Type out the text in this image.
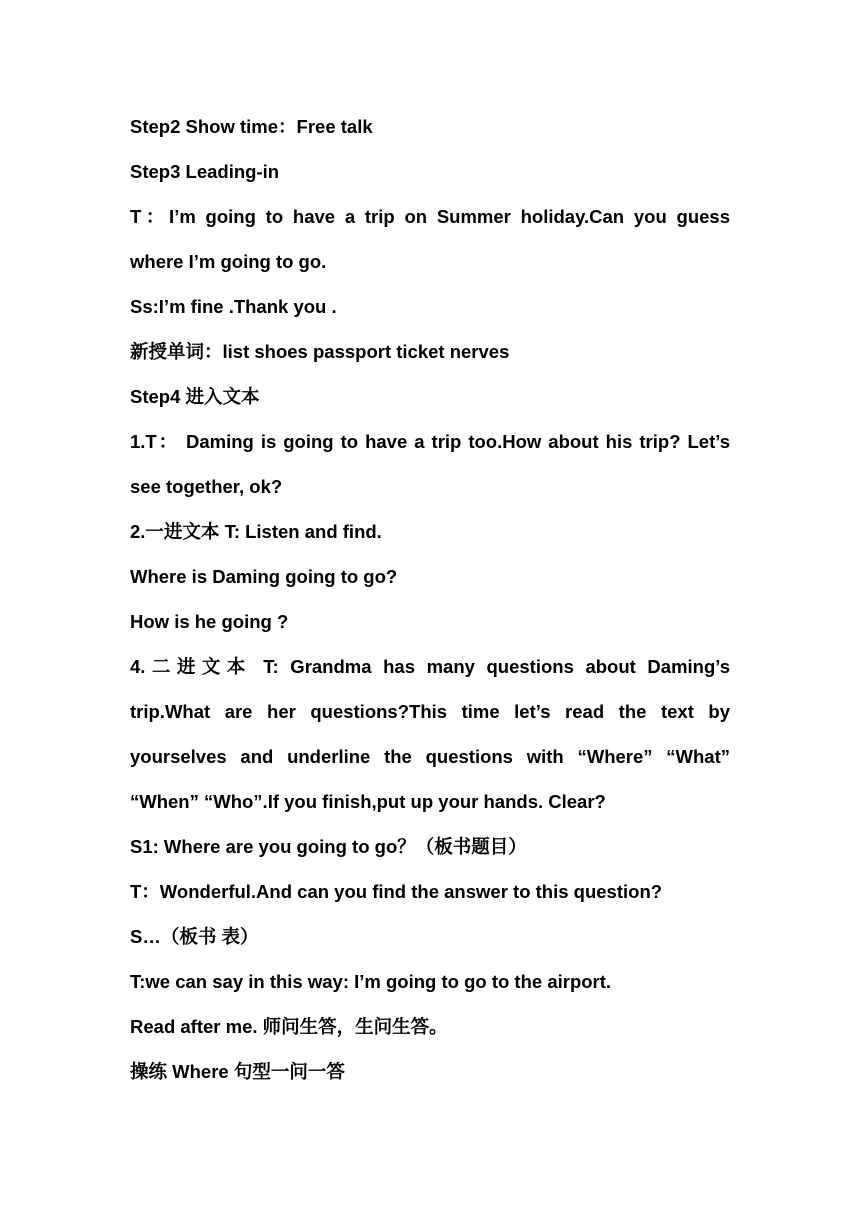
Step2 Show time：Free talk
Step3 Leading-in
T：I’m going to have a trip on Summer holiday.Can you guess
where I’m going to go.
Ss:I’m fine .Thank you .
新授单词：list shoes passport ticket nerves
Step4 进入文本
1.T： Daming is going to have a trip too.How about his trip? Let’s
see together, ok?
2.一进文本 T: Listen and find.
Where is Daming going to go?
How is he going ?
4.二进文本 T: Grandma has many questions about Daming’s
trip.What are her questions?This time let’s read the text by
yourselves and underline the questions with “Where” “What”
“When” “Who”.If you finish,put up your hands. Clear?
S1: Where are you going to go？（板书题目）
T：Wonderful.And can you find the answer to this question?
S…（板书 表）
T:we can say in this way: I’m going to go to the airport.
Read after me. 师问生答，生问生答。
操练 Where 句型一问一答
